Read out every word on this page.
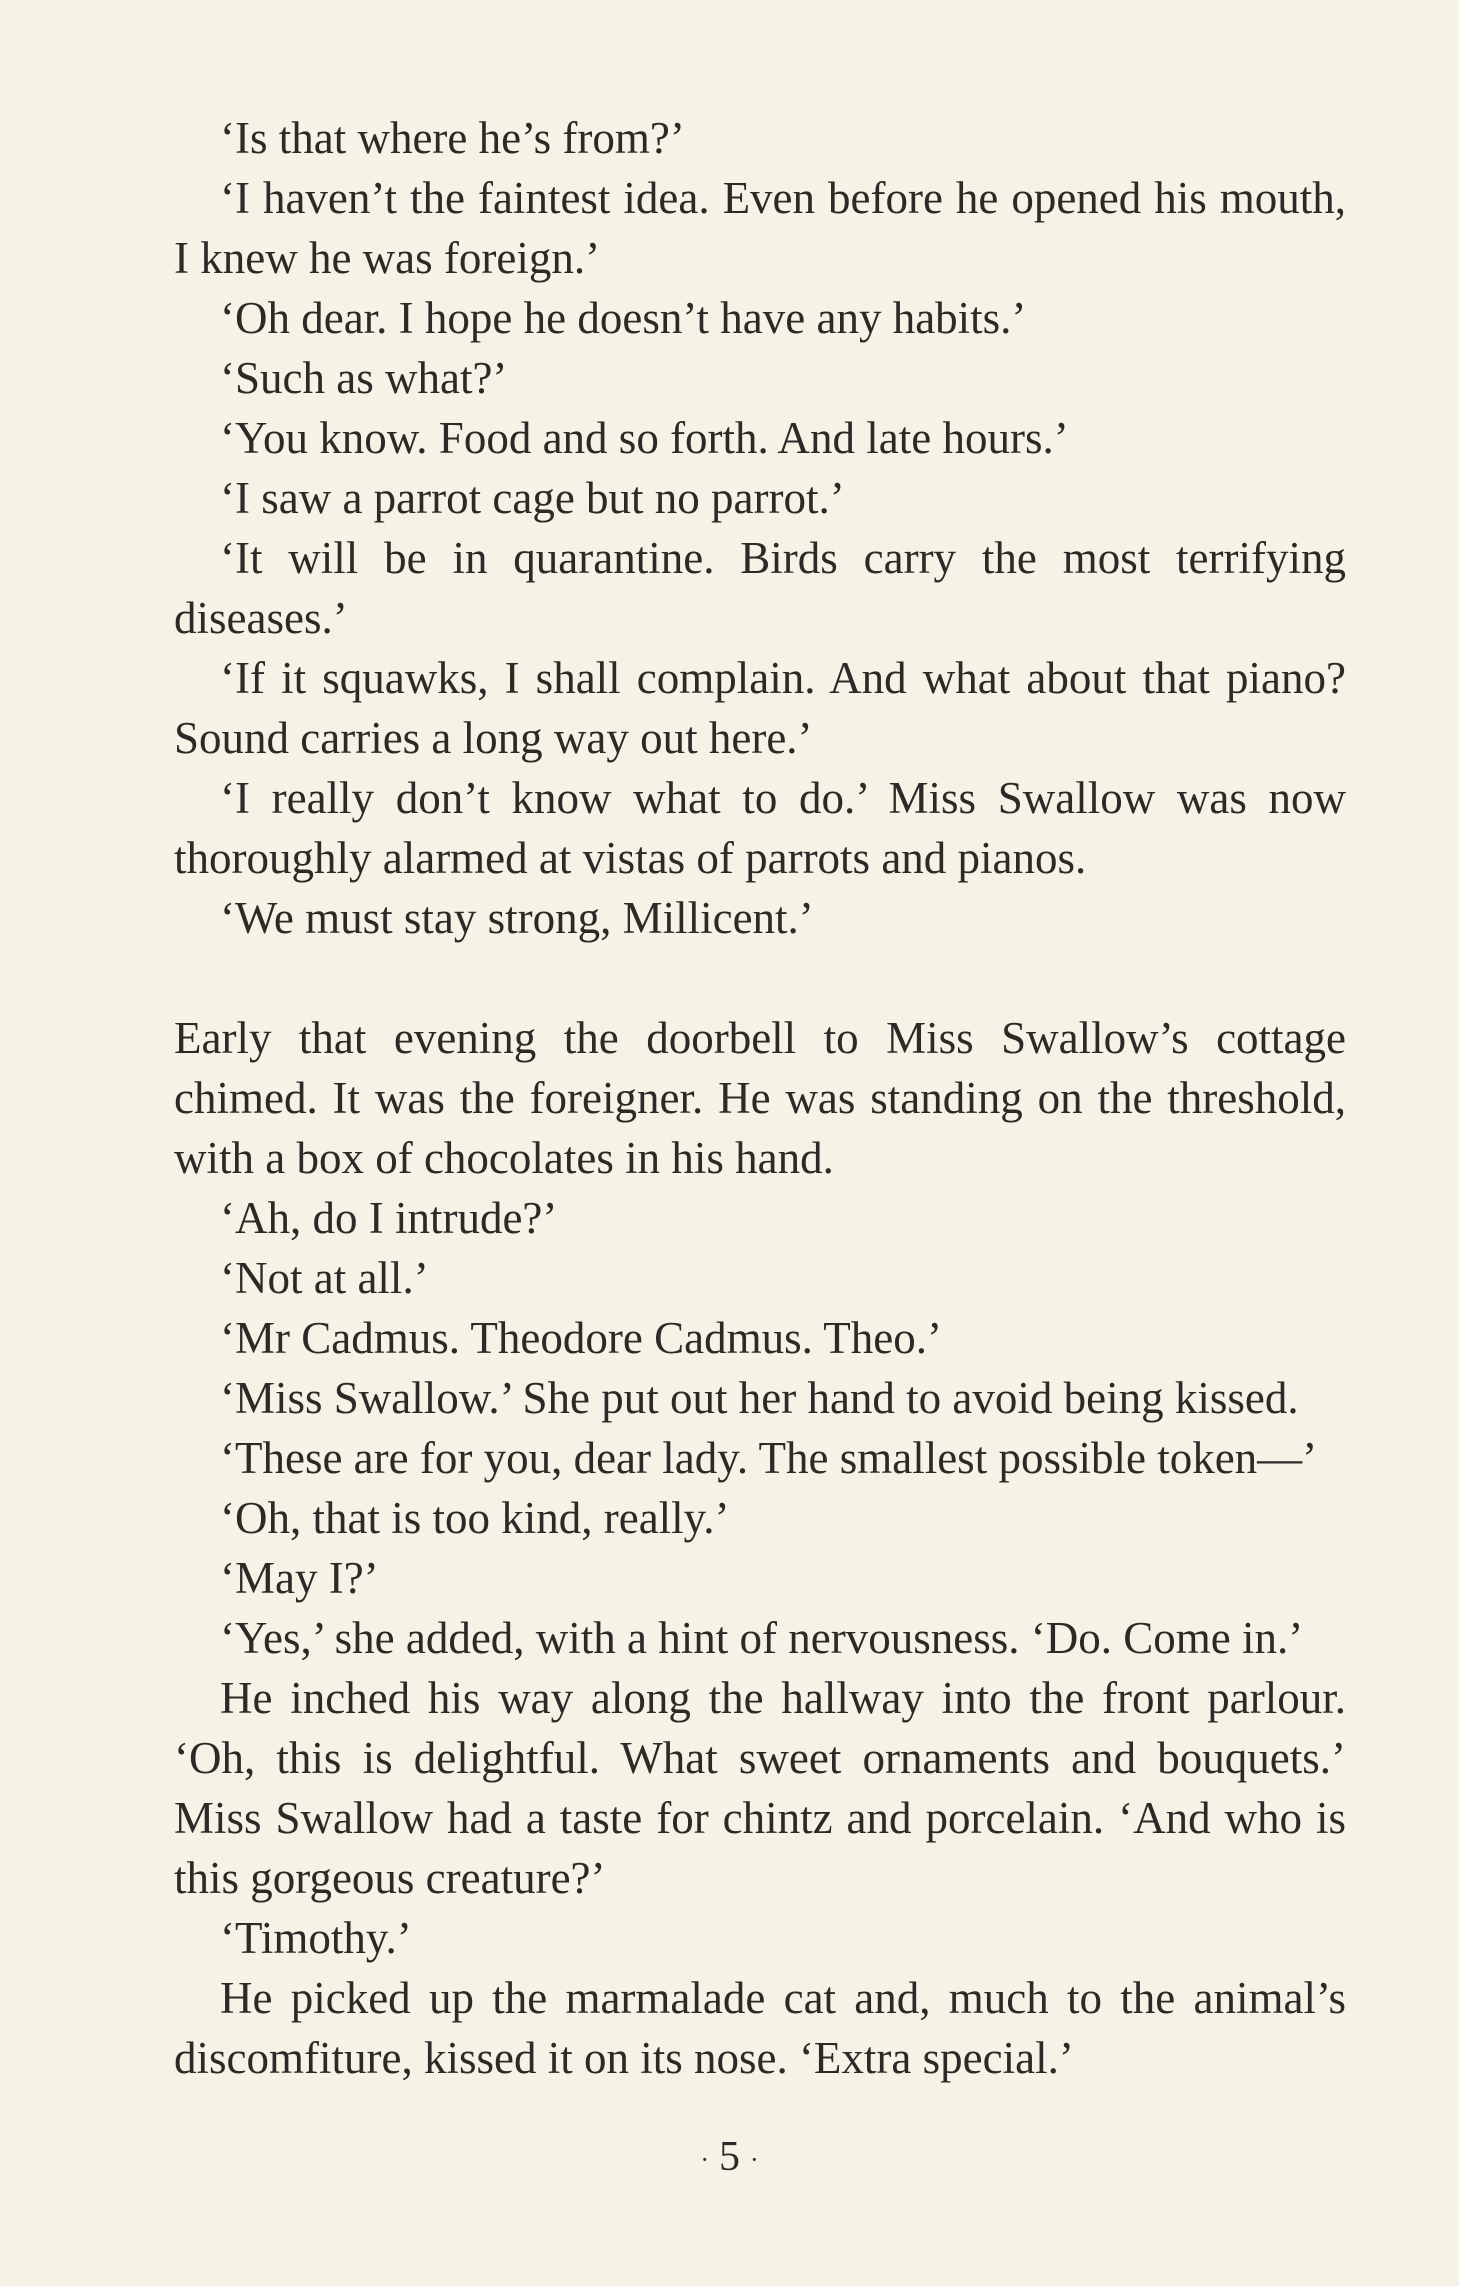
‘Is that where he’s from?’

‘I haven’t the faintest idea. Even before he opened his mouth, I knew he was foreign.’

‘Oh dear. I hope he doesn’t have any habits.’

‘Such as what?’

‘You know. Food and so forth. And late hours.’

‘I saw a parrot cage but no parrot.’

‘It will be in quarantine. Birds carry the most terrifying diseases.’

‘If it squawks, I shall complain. And what about that piano? Sound carries a long way out here.’

‘I really don’t know what to do.’ Miss Swallow was now thoroughly alarmed at vistas of parrots and pianos.

‘We must stay strong, Millicent.’

Early that evening the doorbell to Miss Swallow’s cottage chimed. It was the foreigner. He was standing on the threshold, with a box of chocolates in his hand.

‘Ah, do I intrude?’

‘Not at all.’

‘Mr Cadmus. Theodore Cadmus. Theo.’

‘Miss Swallow.’ She put out her hand to avoid being kissed.

‘These are for you, dear lady. The smallest possible token—’

‘Oh, that is too kind, really.’

‘May I?’

‘Yes,’ she added, with a hint of nervousness. ‘Do. Come in.’

He inched his way along the hallway into the front parlour. ‘Oh, this is delightful. What sweet ornaments and bouquets.’ Miss Swallow had a taste for chintz and porcelain. ‘And who is this gorgeous creature?’

‘Timothy.’

He picked up the marmalade cat and, much to the animal’s discomfiture, kissed it on its nose. ‘Extra special.’

· 5 ·
